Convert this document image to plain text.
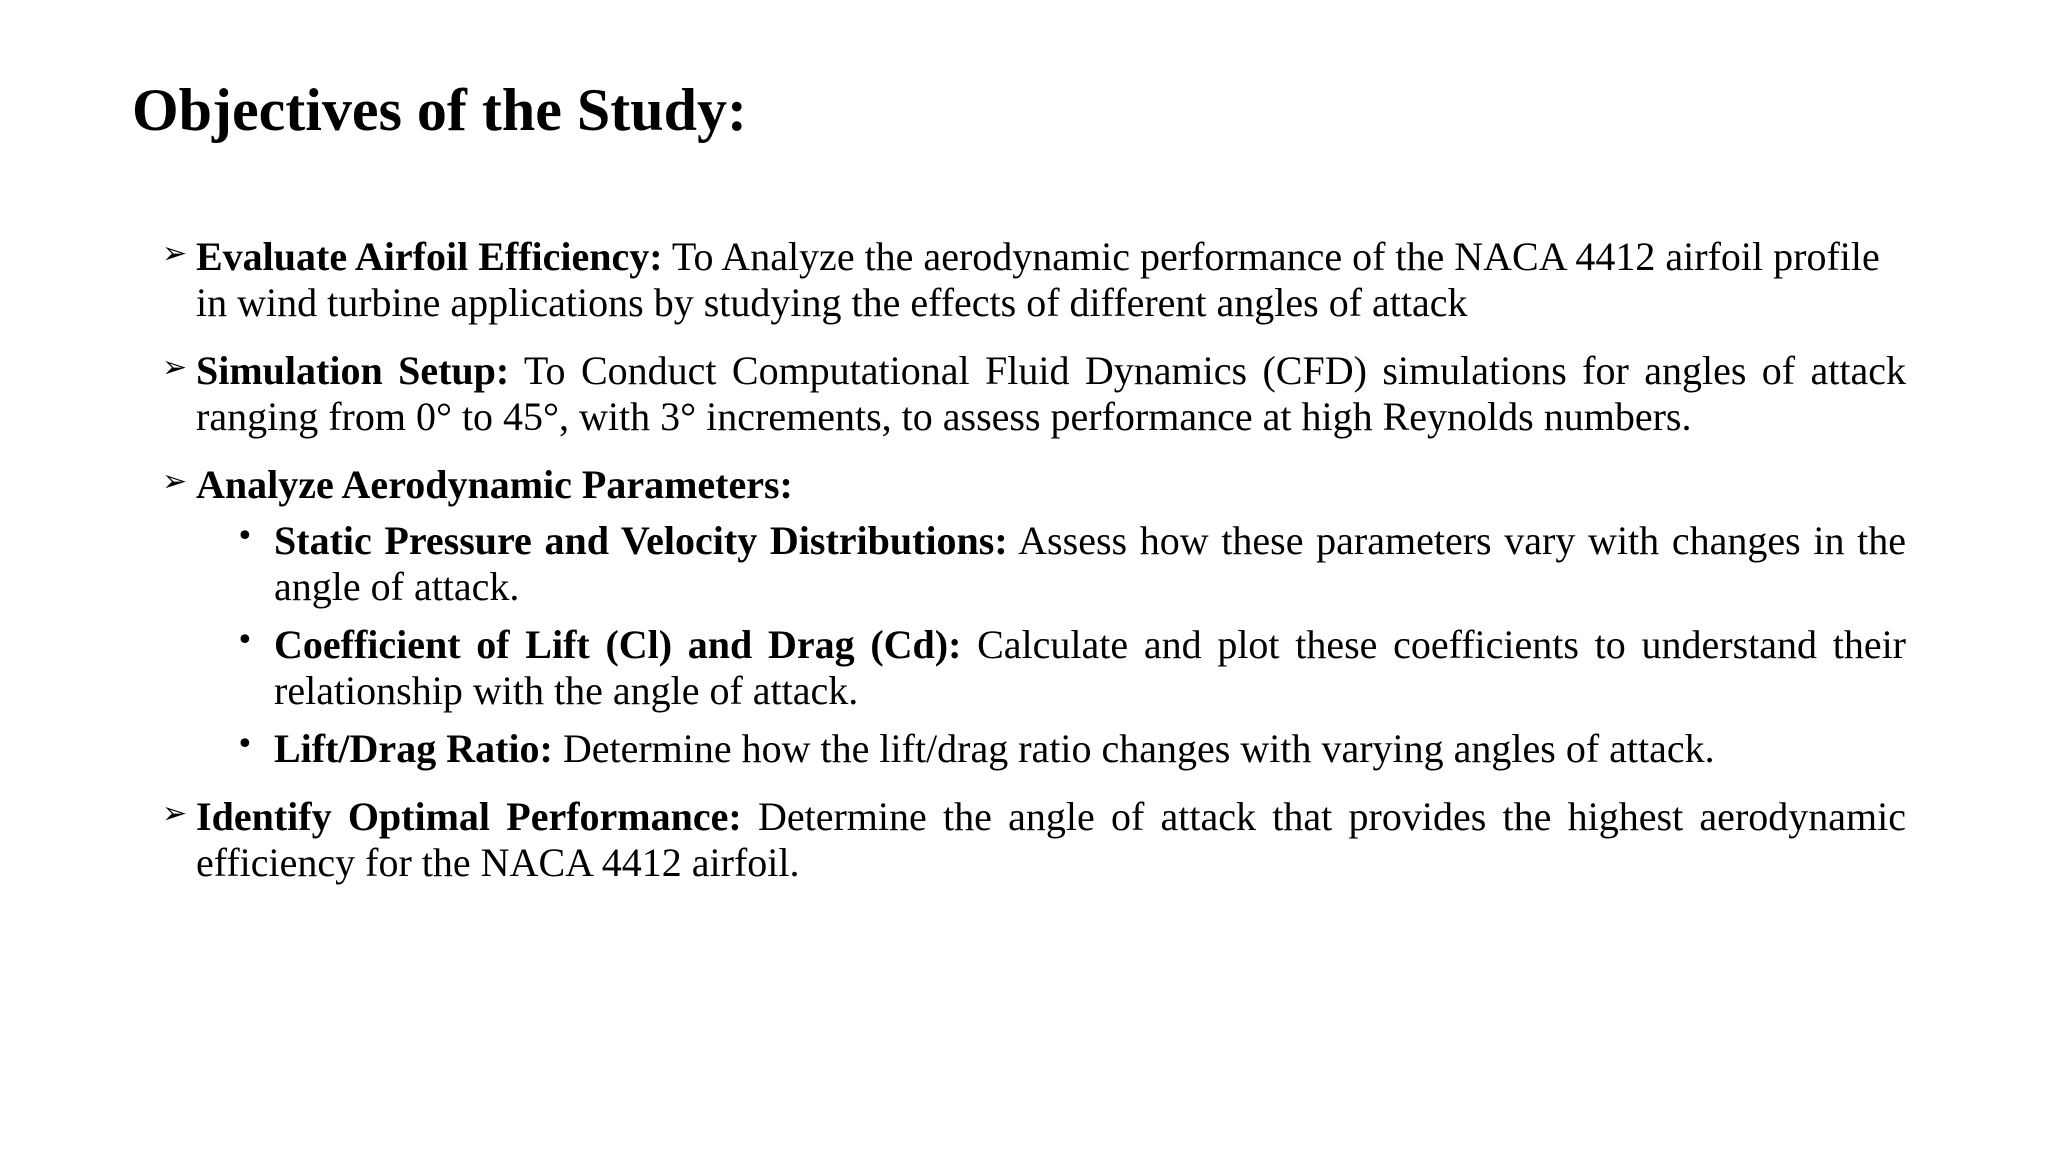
Objectives of the Study:
➢ Evaluate Airfoil Efficiency: To Analyze the aerodynamic performance of the NACA 4412 airfoil profile in wind turbine applications by studying the effects of different angles of attack
➢ Simulation Setup: To Conduct Computational Fluid Dynamics (CFD) simulations for angles of attack ranging from 0° to 45°, with 3° increments, to assess performance at high Reynolds numbers.
➢ Analyze Aerodynamic Parameters:
• Static Pressure and Velocity Distributions: Assess how these parameters vary with changes in the angle of attack.
• Coefficient of Lift (Cl) and Drag (Cd): Calculate and plot these coefficients to understand their relationship with the angle of attack.
• Lift/Drag Ratio: Determine how the lift/drag ratio changes with varying angles of attack.
➢ Identify Optimal Performance: Determine the angle of attack that provides the highest aerodynamic efficiency for the NACA 4412 airfoil.
